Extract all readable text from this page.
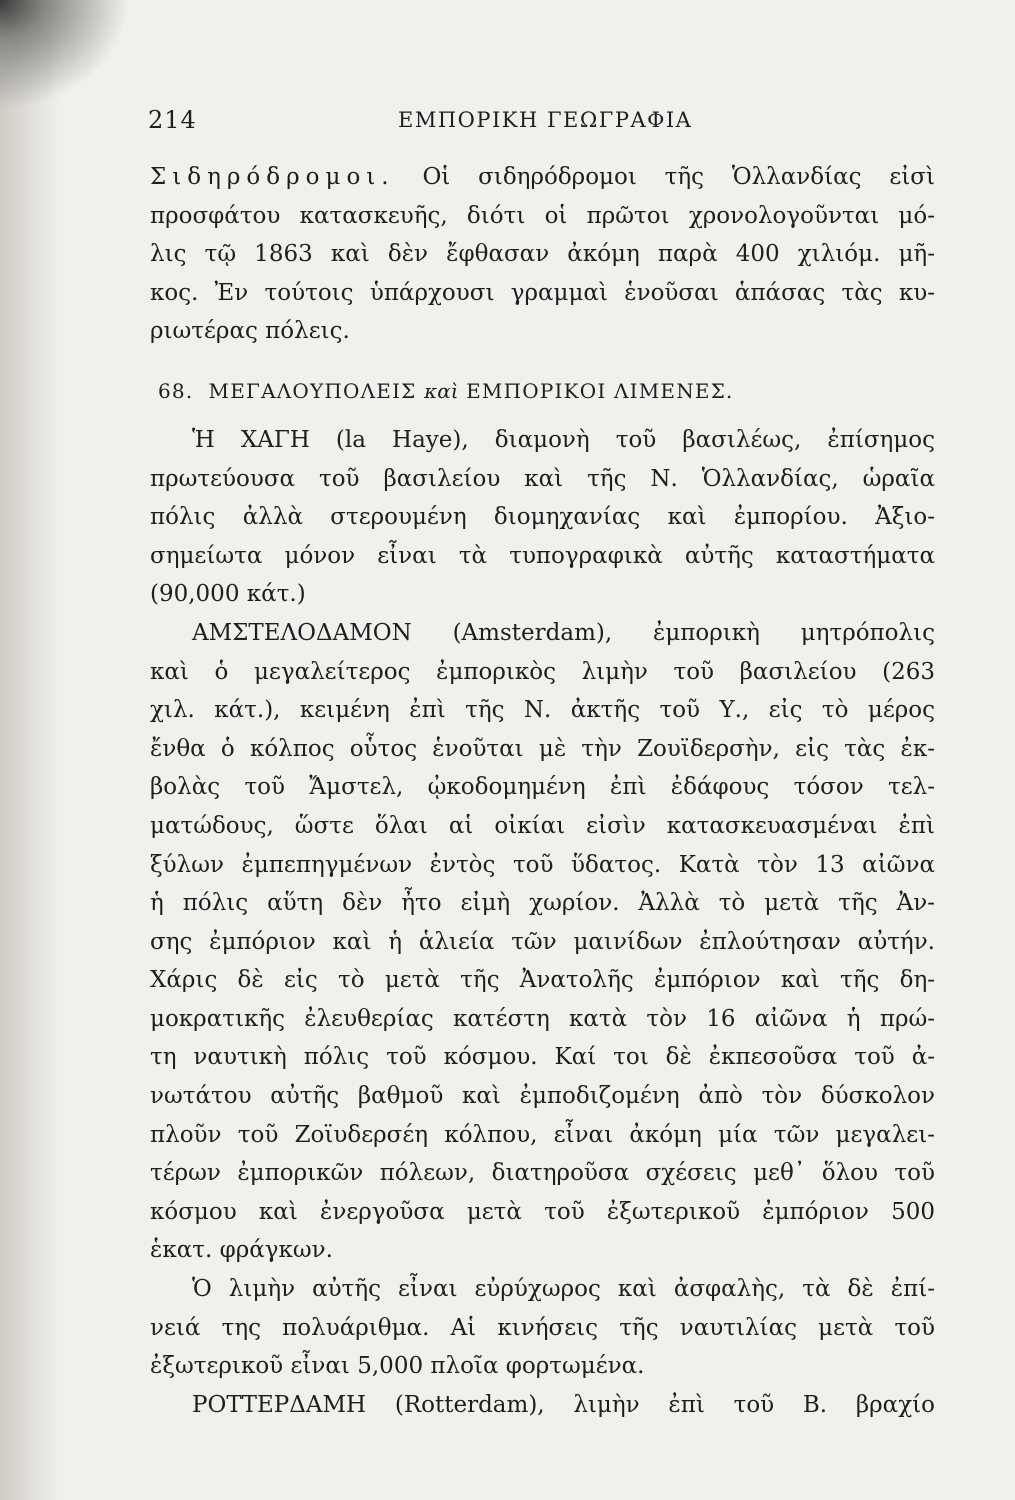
214	ΕΜΠΟΡΙΚΗ ΓΕΩΓΡΑΦΙΑ
Σιδηρόδρομοι. Οἱ σιδηρόδρομοι τῆς Ὁλλανδίας εἰσὶ
προσφάτου κατασκευῆς, διότι οἱ πρῶτοι χρονολογοῦνται μό-
λις τῷ 1863 καὶ δὲν ἔφθασαν ἀκόμη παρὰ 400 χιλιόμ. μῆ-
κος. Ἐν τούτοις ὑπάρχουσι γραμμαὶ ἑνοῦσαι ἁπάσας τὰς κυ-
ριωτέρας πόλεις.
68. ΜΕΓΑΛΟΥΠΟΛΕΙΣ καὶ ΕΜΠΟΡΙΚΟΙ ΛΙΜΕΝΕΣ.
Ἡ ΧΑΓΗ (la Haye), διαμονὴ τοῦ βασιλέως, ἐπίσημος
πρωτεύουσα τοῦ βασιλείου καὶ τῆς Ν. Ὁλλανδίας, ὡραῖα
πόλις ἀλλὰ στερουμένη διομηχανίας καὶ ἐμπορίου. Ἀξιο-
σημείωτα μόνον εἶναι τὰ τυπογραφικὰ αὐτῆς καταστήματα
(90,000 κάτ.)
ΑΜΣΤΕΛΟΔΑΜΟΝ (Amsterdam), ἐμπορικὴ μητρόπολις
καὶ ὁ μεγαλείτερος ἐμπορικὸς λιμὴν τοῦ βασιλείου (263
χιλ. κάτ.), κειμένη ἐπὶ τῆς Ν. ἀκτῆς τοῦ Υ., εἰς τὸ μέρος
ἔνθα ὁ κόλπος οὗτος ἑνοῦται μὲ τὴν Ζουϊδερσὴν, εἰς τὰς ἐκ-
βολὰς τοῦ Ἄμστελ, ᾠκοδομημένη ἐπὶ ἐδάφους τόσον τελ-
ματώδους, ὥστε ὅλαι αἱ οἰκίαι εἰσὶν κατασκευασμέναι ἐπὶ
ξύλων ἐμπεπηγμένων ἐντὸς τοῦ ὕδατος. Κατὰ τὸν 13 αἰῶνα
ἡ πόλις αὕτη δὲν ἦτο εἰμὴ χωρίον. Ἀλλὰ τὸ μετὰ τῆς Ἀν-
σης ἐμπόριον καὶ ἡ ἁλιεία τῶν μαινίδων ἐπλούτησαν αὐτήν.
Χάρις δὲ εἰς τὸ μετὰ τῆς Ἀνατολῆς ἐμπόριον καὶ τῆς δη-
μοκρατικῆς ἐλευθερίας κατέστη κατὰ τὸν 16 αἰῶνα ἡ πρώ-
τη ναυτικὴ πόλις τοῦ κόσμου. Καί τοι δὲ ἐκπεσοῦσα τοῦ ἀ-
νωτάτου αὐτῆς βαθμοῦ καὶ ἐμποδιζομένη ἀπὸ τὸν δύσκολον
πλοῦν τοῦ Ζοϊυδερσέη κόλπου, εἶναι ἀκόμη μία τῶν μεγαλει-
τέρων ἐμπορικῶν πόλεων, διατηροῦσα σχέσεις μεθ᾽ ὅλου τοῦ
κόσμου καὶ ἐνεργοῦσα μετὰ τοῦ ἐξωτερικοῦ ἐμπόριον 500
ἑκατ. φράγκων.
Ὁ λιμὴν αὐτῆς εἶναι εὐρύχωρος καὶ ἀσφαλὴς, τὰ δὲ ἐπί-
νειά της πολυάριθμα. Αἱ κινήσεις τῆς ναυτιλίας μετὰ τοῦ
ἐξωτερικοῦ εἶναι 5,000 πλοῖα φορτωμένα.
ΡΟΤΤΕΡΔΑΜΗ (Rotterdam), λιμὴν ἐπὶ τοῦ Β. βραχίο
